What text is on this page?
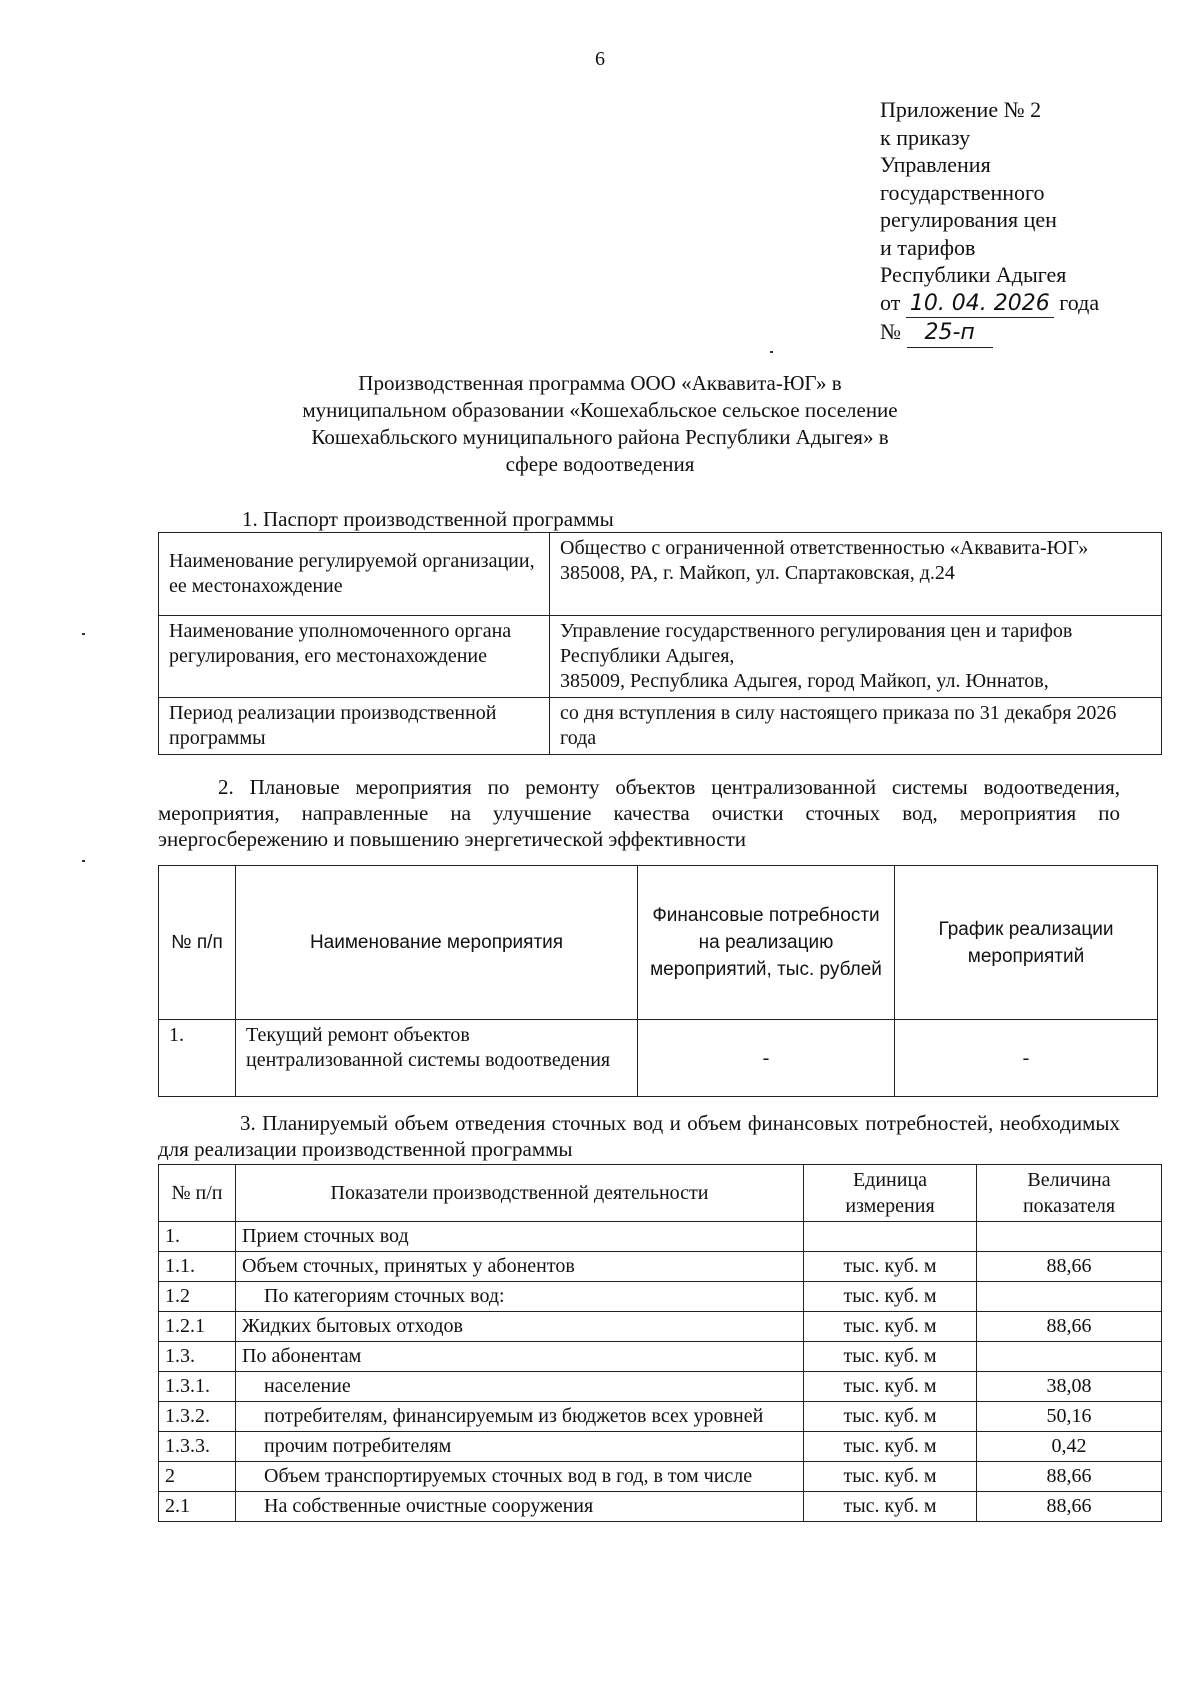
6
Приложение № 2
к приказу
Управления
государственного
регулирования цен
и тарифов
Республики Адыгея
от 10. 04. 2026 года
№ 25-п
Производственная программа ООО «Аквавита-ЮГ» в муниципальном образовании «Кошехабльское сельское поселение Кошехабльского муниципального района Республики Адыгея» в сфере водоотведения
1. Паспорт производственной программы
Наименование регулируемой организации, ее местонахождение	Общество с ограниченной ответственностью «Аквавита-ЮГ»
385008, РА, г. Майкоп, ул. Спартаковская, д.24

Наименование уполномоченного органа регулирования, его местонахождение	Управление государственного регулирования цен и тарифов Республики Адыгея,
385009, Республика Адыгея, город Майкоп, ул. Юннатов,

Период реализации производственной программы	со дня вступления в силу настоящего приказа по 31 декабря 2026 года
2. Плановые мероприятия по ремонту объектов централизованной системы водоотведения, мероприятия, направленные на улучшение качества очистки сточных вод, мероприятия по энергосбережению и повышению энергетической эффективности
№ п/п	Наименование мероприятия	Финансовые потребности на реализацию мероприятий, тыс. рублей	График реализации мероприятий
1.	Текущий ремонт объектов централизованной системы водоотведения	-	-
3. Планируемый объем отведения сточных вод и объем финансовых потребностей, необходимых для реализации производственной программы
№ п/п	Показатели производственной деятельности	Единица измерения	Величина показателя
1.	Прием сточных вод		
1.1.	Объем сточных, принятых у абонентов	тыс. куб. м	88,66
1.2	По категориям сточных вод:	тыс. куб. м	
1.2.1	Жидких бытовых отходов	тыс. куб. м	88,66
1.3.	По абонентам	тыс. куб. м	
1.3.1.	население	тыс. куб. м	38,08
1.3.2.	потребителям, финансируемым из бюджетов всех уровней	тыс. куб. м	50,16
1.3.3.	прочим потребителям	тыс. куб. м	0,42
2	Объем транспортируемых сточных вод в год, в том числе	тыс. куб. м	88,66
2.1	На собственные очистные сооружения	тыс. куб. м	88,66
